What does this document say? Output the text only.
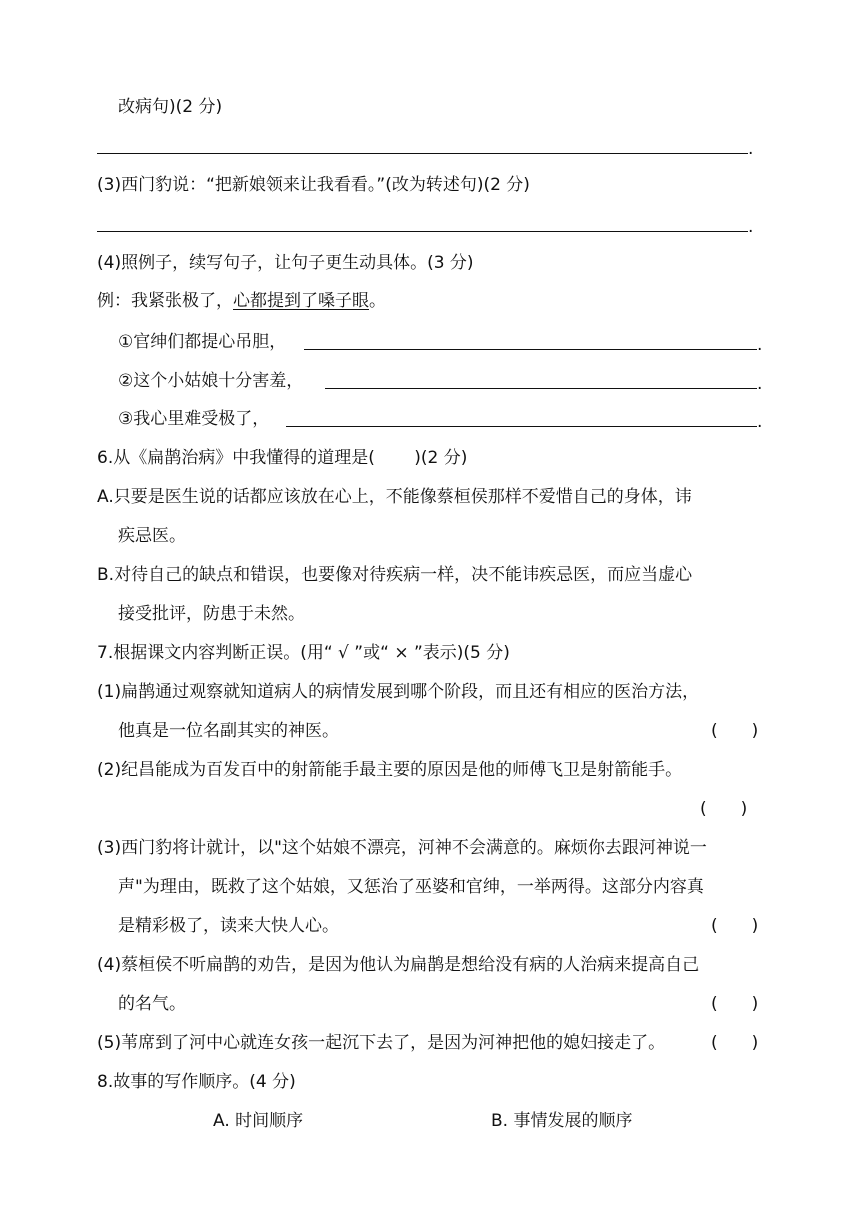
改病句)(2 分)
.
(3)西门豹说：“把新娘领来让我看看。”(改为转述句)(2 分)
.
(4)照例子，续写句子，让句子更生动具体。(3 分)
例：我紧张极了，心都提到了嗓子眼。
①官绅们都提心吊胆，	.
②这个小姑娘十分害羞，	.
③我心里难受极了，	.
6.从《扁鹊治病》中我懂得的道理是(　　 )(2 分)
A.只要是医生说的话都应该放在心上，不能像蔡桓侯那样不爱惜自己的身体，讳
疾忌医。
B.对待自己的缺点和错误，也要像对待疾病一样，决不能讳疾忌医，而应当虚心
接受批评，防患于未然。
7.根据课文内容判断正误。(用“ √ ”或“ × ”表示)(5 分)
(1)扁鹊通过观察就知道病人的病情发展到哪个阶段，而且还有相应的医治方法，
他真是一位名副其实的神医。	(　　)
(2)纪昌能成为百发百中的射箭能手最主要的原因是他的师傅飞卫是射箭能手。
(　　)
(3)西门豹将计就计，以"这个姑娘不漂亮，河神不会满意的。麻烦你去跟河神说一
声"为理由，既救了这个姑娘，又惩治了巫婆和官绅，一举两得。这部分内容真
是精彩极了，读来大快人心。	(　　)
(4)蔡桓侯不听扁鹊的劝告，是因为他认为扁鹊是想给没有病的人治病来提高自己
的名气。	(　　)
(5)苇席到了河中心就连女孩一起沉下去了，是因为河神把他的媳妇接走了。	(　　)
8.故事的写作顺序。(4 分)
A. 时间顺序	B. 事情发展的顺序
